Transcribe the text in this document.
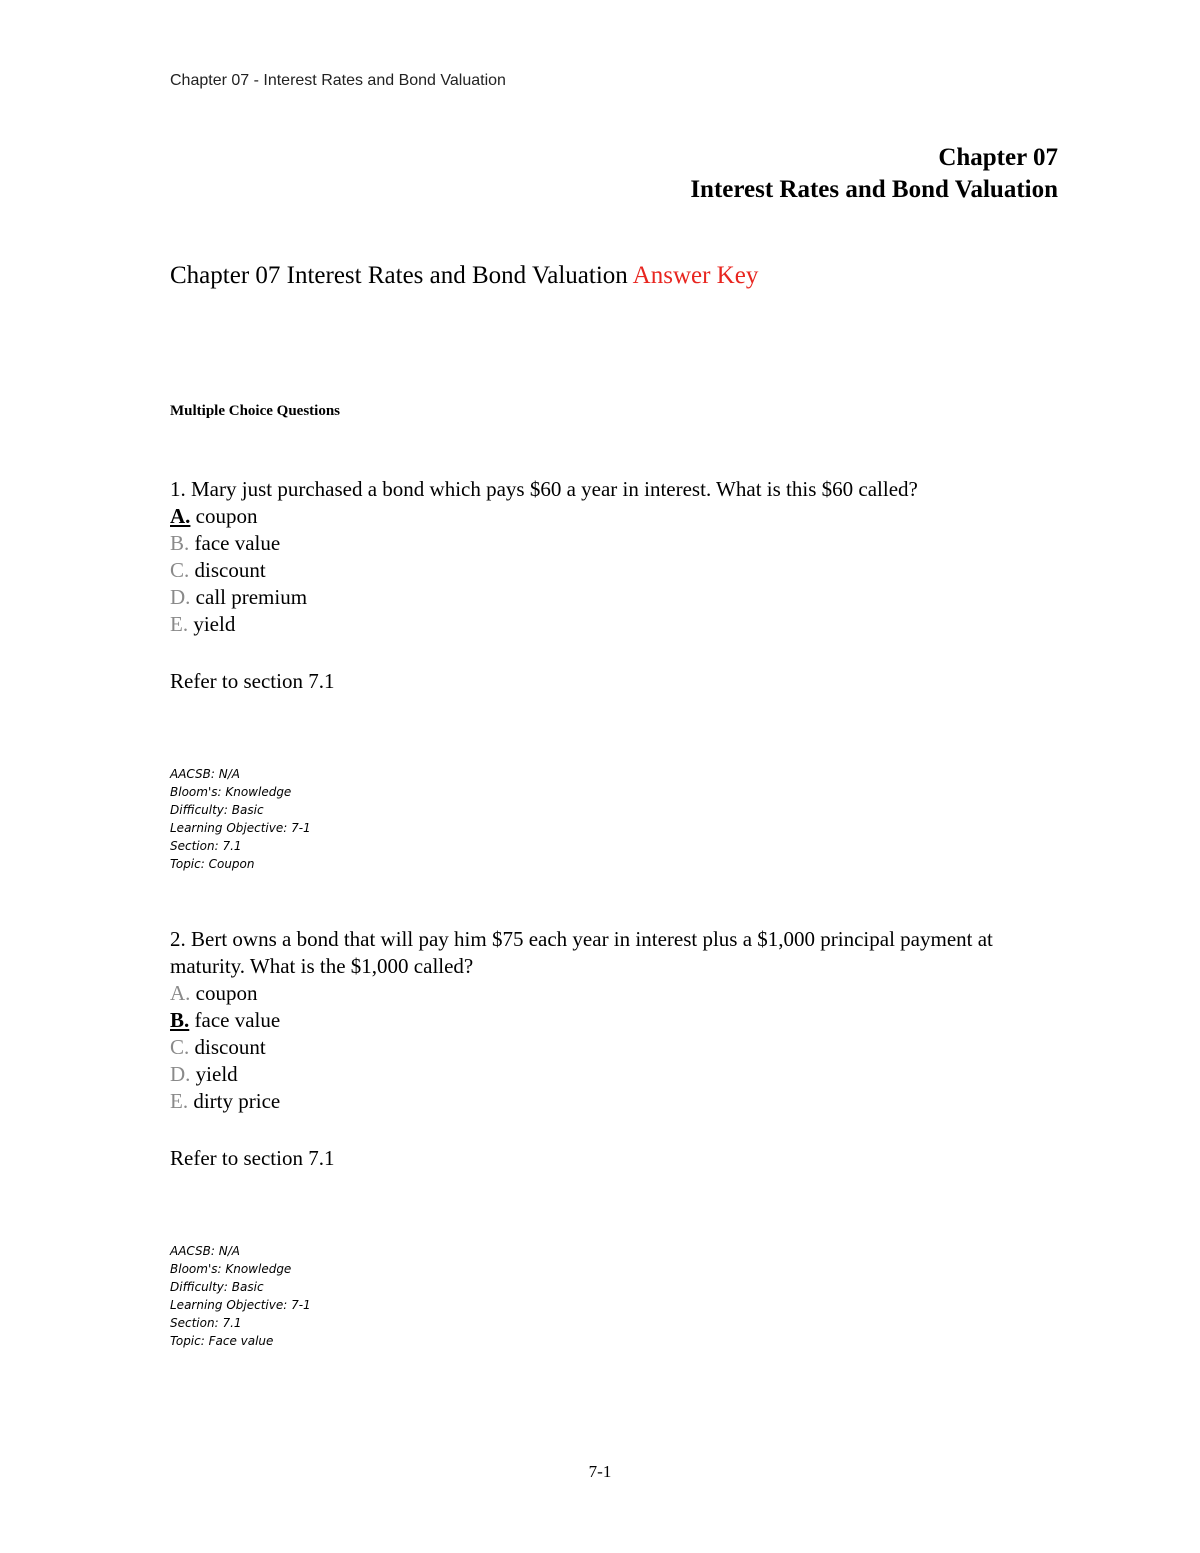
Chapter 07 - Interest Rates and Bond Valuation
Chapter 07
Interest Rates and Bond Valuation
Chapter 07 Interest Rates and Bond Valuation Answer Key
Multiple Choice Questions

1. Mary just purchased a bond which pays $60 a year in interest. What is this $60 called?

A. coupon
B. face value
C. discount
D. call premium
E. yield
Refer to section 7.1
AACSB: N/A
Bloom's: Knowledge
Difficulty: Basic
Learning Objective: 7-1
Section: 7.1
Topic: Coupon

2. Bert owns a bond that will pay him $75 each year in interest plus a $1,000 principal payment at maturity. What is the $1,000 called?

A. coupon
B. face value
C. discount
D. yield
E. dirty price
Refer to section 7.1
AACSB: N/A
Bloom's: Knowledge
Difficulty: Basic
Learning Objective: 7-1
Section: 7.1
Topic: Face value
7-1
